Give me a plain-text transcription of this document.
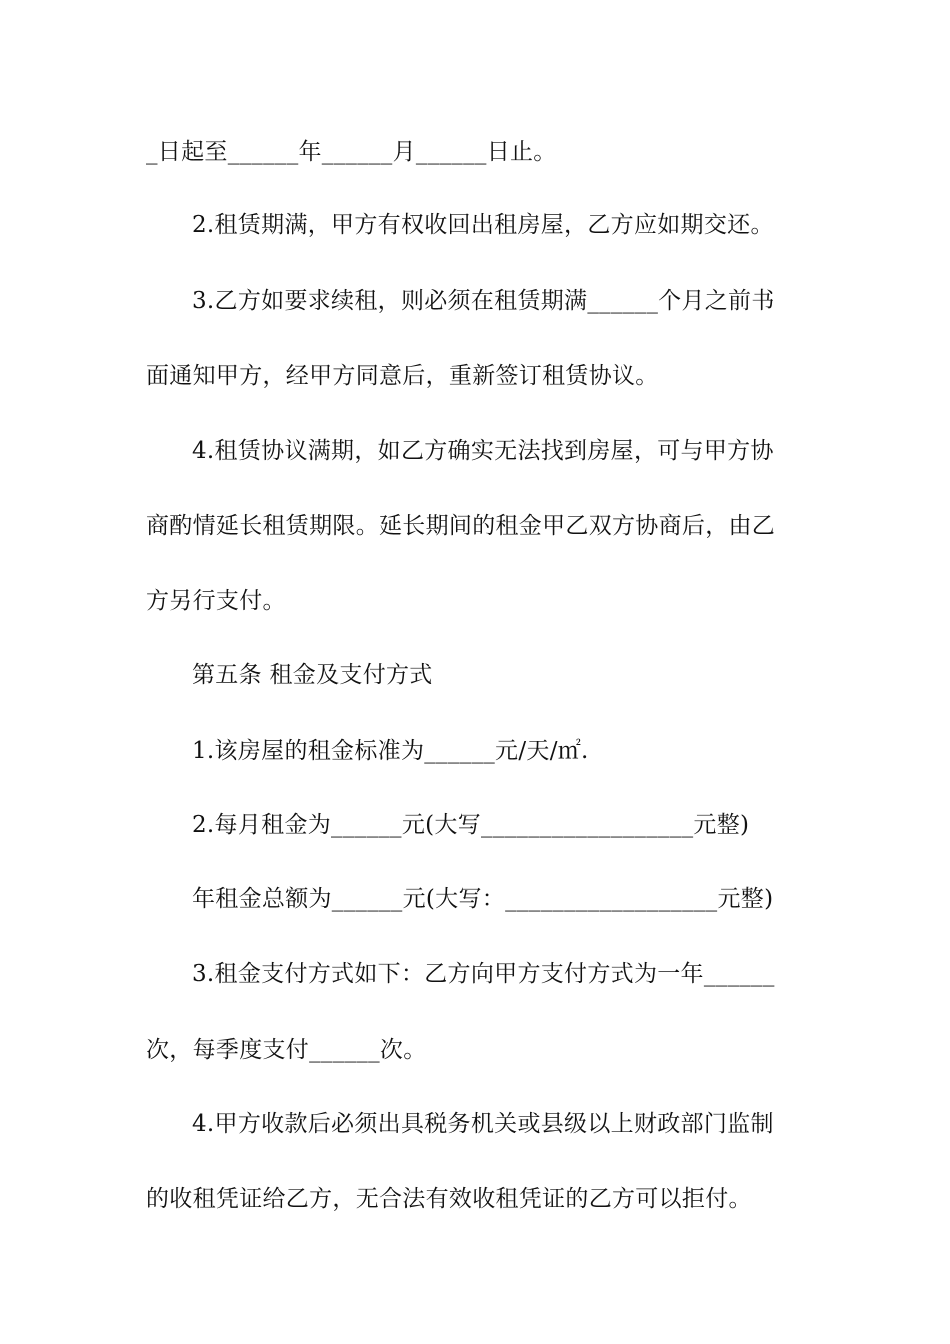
_日起至______年______月______日止。
2.租赁期满，甲方有权收回出租房屋，乙方应如期交还。
3.乙方如要求续租，则必须在租赁期满______个月之前书
面通知甲方，经甲方同意后，重新签订租赁协议。
4.租赁协议满期，如乙方确实无法找到房屋，可与甲方协
商酌情延长租赁期限。延长期间的租金甲乙双方协商后，由乙
方另行支付。
第五条 租金及支付方式
1.该房屋的租金标准为______元/天/㎡.
2.每月租金为______元(大写__________________元整)
年租金总额为______元(大写：__________________元整)
3.租金支付方式如下：乙方向甲方支付方式为一年______
次，每季度支付______次。
4.甲方收款后必须出具税务机关或县级以上财政部门监制
的收租凭证给乙方，无合法有效收租凭证的乙方可以拒付。
